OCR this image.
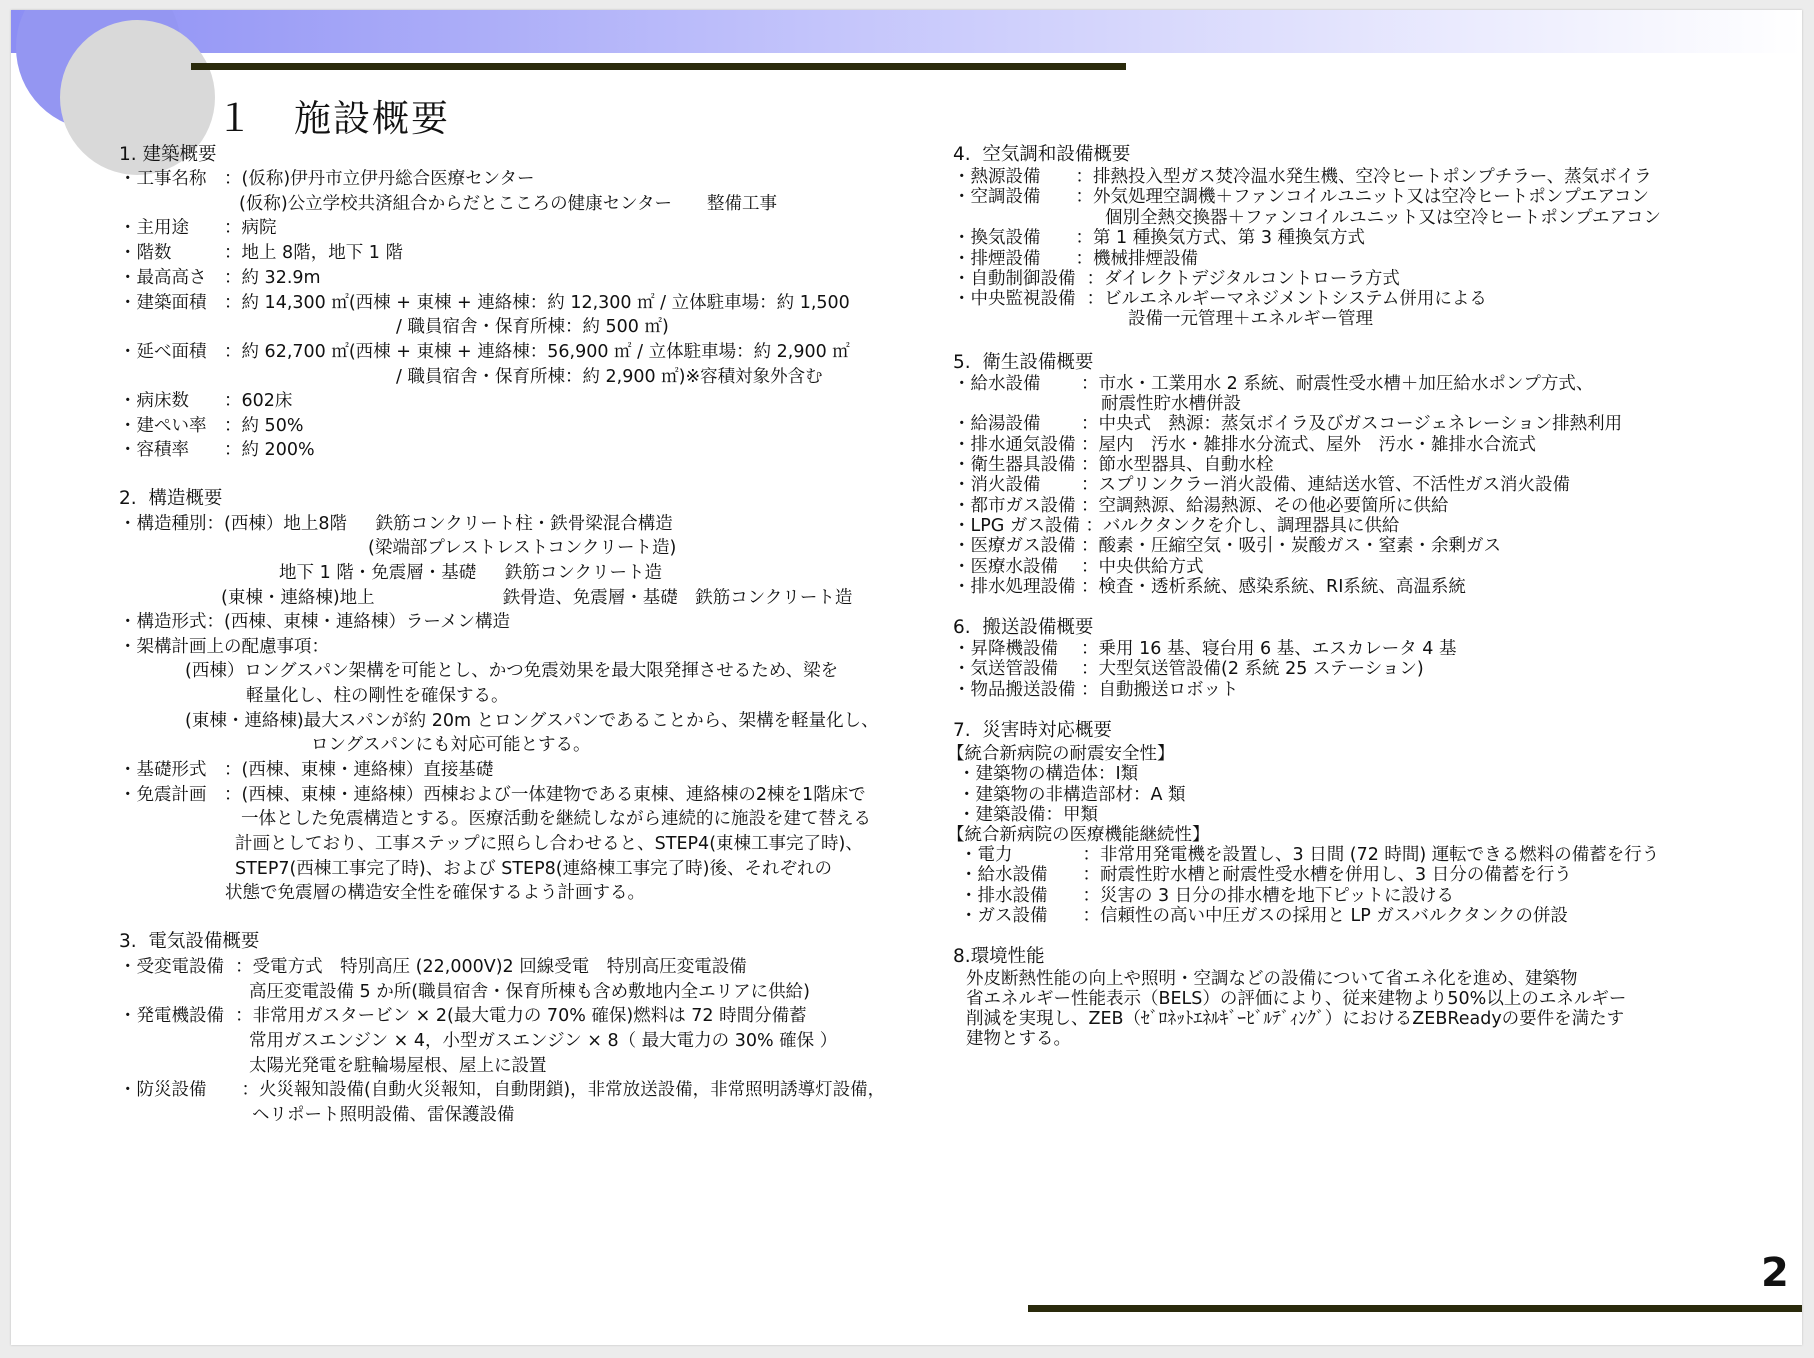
１　施設概要
1. 建築概要
・工事名称　：(仮称)伊丹市立伊丹総合医療センター
(仮称)公立学校共済組合からだとこころの健康センター　　整備工事
・主用途　　：病院
・階数　　　：地上 8階，地下 1 階
・最高高さ　：約 32.9m
・建築面積　：約 14,300 ㎡(西棟 + 東棟 + 連絡棟：約 12,300 ㎡ / 立体駐車場：約 1,500
/ 職員宿舎・保育所棟：約 500 ㎡)
・延べ面積　：約 62,700 ㎡(西棟 + 東棟 + 連絡棟：56,900 ㎡ / 立体駐車場：約 2,900 ㎡
/ 職員宿舎・保育所棟：約 2,900 ㎡)※容積対象外含む
・病床数　　：602床
・建ぺい率　：約 50%
・容積率　　：約 200%
2.  構造概要
・構造種別：(西棟）地上8階　  鉄筋コンクリート柱・鉄骨梁混合構造
(梁端部プレストレストコンクリート造)
地下 1 階・免震層・基礎　  鉄筋コンクリート造
(東棟・連絡棟)地上　　　　　　　 鉄骨造、免震層・基礎　鉄筋コンクリート造
・構造形式：(西棟、東棟・連絡棟）ラーメン構造
・架構計画上の配慮事項：
(西棟）ロングスパン架構を可能とし、かつ免震効果を最大限発揮させるため、梁を
軽量化し、柱の剛性を確保する。
(東棟・連絡棟)最大スパンが約 20m とロングスパンであることから、架構を軽量化し、
ロングスパンにも対応可能とする。
・基礎形式　：(西棟、東棟・連絡棟）直接基礎
・免震計画　：(西棟、東棟・連絡棟）西棟および一体建物である東棟、連絡棟の2棟を1階床で
一体とした免震構造とする。医療活動を継続しながら連続的に施設を建て替える
計画としており、工事ステップに照らし合わせると、STEP4(東棟工事完了時)、
STEP7(西棟工事完了時)、および STEP8(連絡棟工事完了時)後、それぞれの
状態で免震層の構造安全性を確保するよう計画する。
3.  電気設備概要
・受変電設備  ：受電方式　特別高圧 (22,000V)2 回線受電　特別高圧変電設備
高圧変電設備 5 か所(職員宿舎・保育所棟も含め敷地内全エリアに供給)
・発電機設備  ：非常用ガスタービン × 2(最大電力の 70% 確保)燃料は 72 時間分備蓄
常用ガスエンジン × 4，小型ガスエンジン × 8（ 最大電力の 30% 確保 ）
太陽光発電を駐輪場屋根、屋上に設置
・防災設備　　：火災報知設備(自動火災報知，自動閉鎖)，非常放送設備，非常照明誘導灯設備，
ヘリポート照明設備、雷保護設備
4.  空気調和設備概要
・熱源設備　　：排熱投入型ガス焚冷温水発生機、空冷ヒートポンプチラー、蒸気ボイラ
・空調設備　　：外気処理空調機＋ファンコイルユニット又は空冷ヒートポンプエアコン
個別全熱交換器＋ファンコイルユニット又は空冷ヒートポンプエアコン
・換気設備　　：第 1 種換気方式、第 3 種換気方式
・排煙設備　　：機械排煙設備
・自動制御設備  ：ダイレクトデジタルコントローラ方式
・中央監視設備  ：ビルエネルギーマネジメントシステム併用による
設備一元管理＋エネルギー管理
5.  衛生設備概要
・給水設備　　 ：市水・工業用水 2 系統、耐震性受水槽＋加圧給水ポンプ方式、
耐震性貯水槽併設
・給湯設備　　 ：中央式　熱源：蒸気ボイラ及びガスコージェネレーション排熱利用
・排水通気設備 ：屋内　汚水・雑排水分流式、屋外　汚水・雑排水合流式
・衛生器具設備 ：節水型器具、自動水栓
・消火設備　　 ：スプリンクラー消火設備、連結送水管、不活性ガス消火設備
・都市ガス設備 ：空調熱源、給湯熱源、その他必要箇所に供給
・LPG ガス設備 ：バルクタンクを介し、調理器具に供給
・医療ガス設備 ：酸素・圧縮空気・吸引・炭酸ガス・窒素・余剰ガス
・医療水設備　 ：中央供給方式
・排水処理設備 ：検査・透析系統、感染系統、RI系統、高温系統
6.  搬送設備概要
・昇降機設備　 ：乗用 16 基、寝台用 6 基、エスカレータ 4 基
・気送管設備　 ：大型気送管設備(2 系統 25 ステーション)
・物品搬送設備 ：自動搬送ロボット
7.  災害時対応概要
【統合新病院の耐震安全性】
・建築物の構造体：Ⅰ類
・建築物の非構造部材：A 類
・建築設備：甲類
【統合新病院の医療機能継続性】
・電力　　　　：非常用発電機を設置し、3 日間 (72 時間) 運転できる燃料の備蓄を行う
・給水設備　　：耐震性貯水槽と耐震性受水槽を併用し、3 日分の備蓄を行う
・排水設備　　：災害の 3 日分の排水槽を地下ピットに設ける
・ガス設備　　：信頼性の高い中圧ガスの採用と LP ガスバルクタンクの併設
8.環境性能
外皮断熱性能の向上や照明・空調などの設備について省エネ化を進め、建築物
省エネルギー性能表示（BELS）の評価により、従来建物より50%以上のエネルギー
削減を実現し、ZEB（ｾﾞﾛﾈｯﾄｴﾈﾙｷﾞｰﾋﾞﾙﾃﾞｨﾝｸﾞ）におけるZEBReadyの要件を満たす
建物とする。
2
